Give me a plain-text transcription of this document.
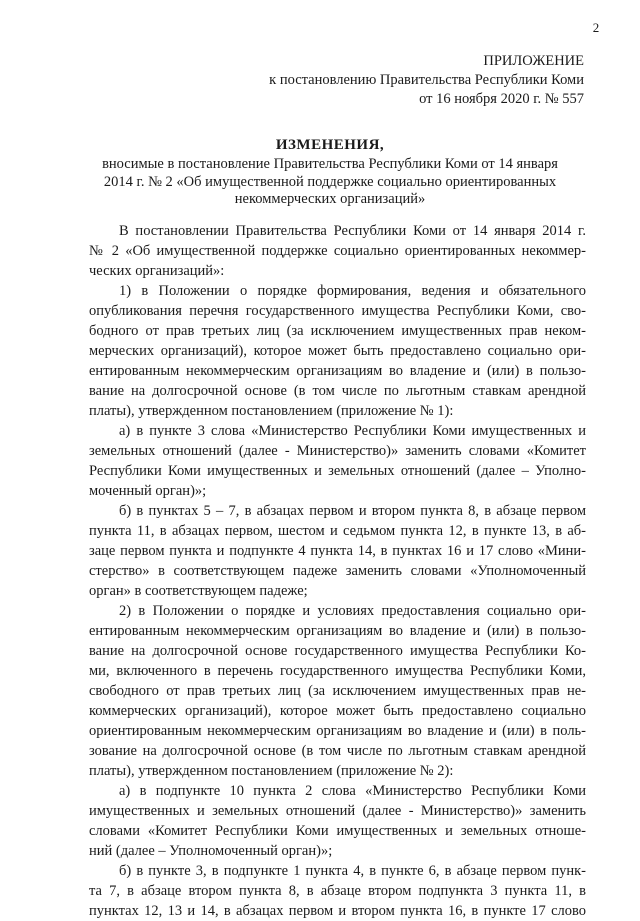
2
ПРИЛОЖЕНИЕ
к постановлению Правительства Республики Коми
от 16 ноября 2020 г. № 557
ИЗМЕНЕНИЯ,
вносимые в постановление Правительства Республики Коми от 14 января
2014 г. № 2 «Об имущественной поддержке социально ориентированных
некоммерческих организаций»
В постановлении Правительства Республики Коми от 14 января 2014 г.
№ 2 «Об имущественной поддержке социально ориентированных некоммер-
ческих организаций»:
1) в Положении о порядке формирования, ведения и обязательного
опубликования перечня государственного имущества Республики Коми, сво-
бодного от прав третьих лиц (за исключением имущественных прав неком-
мерческих организаций), которое может быть предоставлено социально ори-
ентированным некоммерческим организациям во владение и (или) в пользо-
вание на долгосрочной основе (в том числе по льготным ставкам арендной
платы), утвержденном постановлением (приложение № 1):
а) в пункте 3 слова «Министерство Республики Коми имущественных и
земельных отношений (далее - Министерство)» заменить словами «Комитет
Республики Коми имущественных и земельных отношений (далее – Уполно-
моченный орган)»;
б) в пунктах 5 – 7, в абзацах первом и втором пункта 8, в абзаце первом
пункта 11, в абзацах первом, шестом и седьмом пункта 12, в пункте 13, в аб-
заце первом пункта и подпункте 4 пункта 14, в пунктах 16 и 17 слово «Мини-
стерство» в соответствующем падеже заменить словами «Уполномоченный
орган» в соответствующем падеже;
2) в Положении о порядке и условиях предоставления социально ори-
ентированным некоммерческим организациям во владение и (или) в пользо-
вание на долгосрочной основе государственного имущества Республики Ко-
ми, включенного в перечень государственного имущества Республики Коми,
свободного от прав третьих лиц (за исключением имущественных прав не-
коммерческих организаций), которое может быть предоставлено социально
ориентированным некоммерческим организациям во владение и (или) в поль-
зование на долгосрочной основе (в том числе по льготным ставкам арендной
платы), утвержденном постановлением (приложение № 2):
а) в подпункте 10 пункта 2 слова «Министерство Республики Коми
имущественных и земельных отношений (далее - Министерство)» заменить
словами «Комитет Республики Коми имущественных и земельных отноше-
ний (далее – Уполномоченный орган)»;
б) в пункте 3, в подпункте 1 пункта 4, в пункте 6, в абзаце первом пунк-
та 7, в абзаце втором пункта 8, в абзаце втором подпункта 3 пункта 11, в
пунктах 12, 13 и 14, в абзацах первом и втором пункта 16, в пункте 17 слово
